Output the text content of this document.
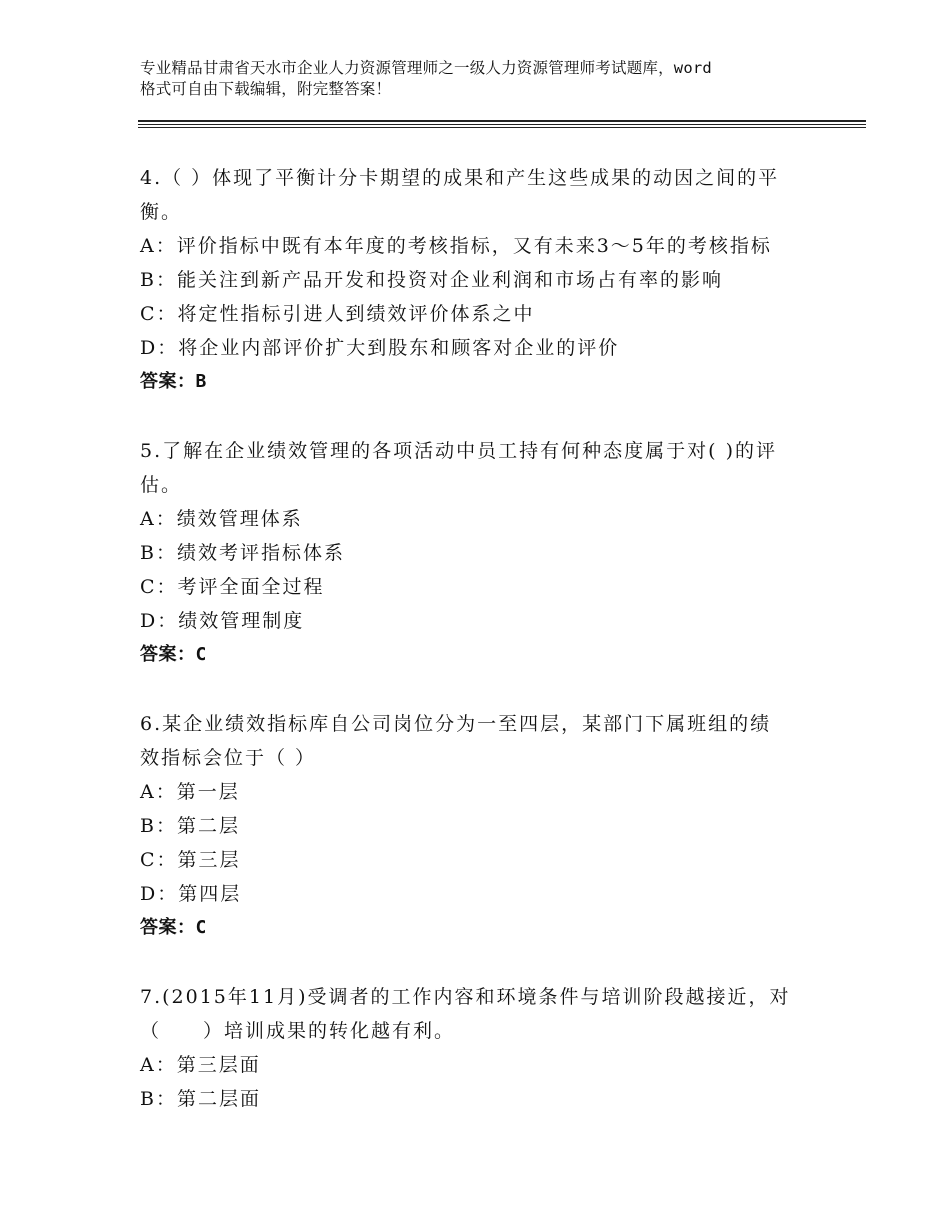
专业精品甘肃省天水市企业人力资源管理师之一级人力资源管理师考试题库，word
格式可自由下载编辑，附完整答案！
4.（ ）体现了平衡计分卡期望的成果和产生这些成果的动因之间的平
衡。
A：评价指标中既有本年度的考核指标，又有未来3～5年的考核指标
B：能关注到新产品开发和投资对企业利润和市场占有率的影响
C：将定性指标引进人到绩效评价体系之中
D：将企业内部评价扩大到股东和顾客对企业的评价
答案：B
5.了解在企业绩效管理的各项活动中员工持有何种态度属于对( )的评
估。
A：绩效管理体系
B：绩效考评指标体系
C：考评全面全过程
D：绩效管理制度
答案：C
6.某企业绩效指标库自公司岗位分为一至四层，某部门下属班组的绩
效指标会位于（ ）
A：第一层
B：第二层
C：第三层
D：第四层
答案：C
7.(2015年11月)受调者的工作内容和环境条件与培训阶段越接近，对
（　　）培训成果的转化越有利。
A：第三层面
B：第二层面
